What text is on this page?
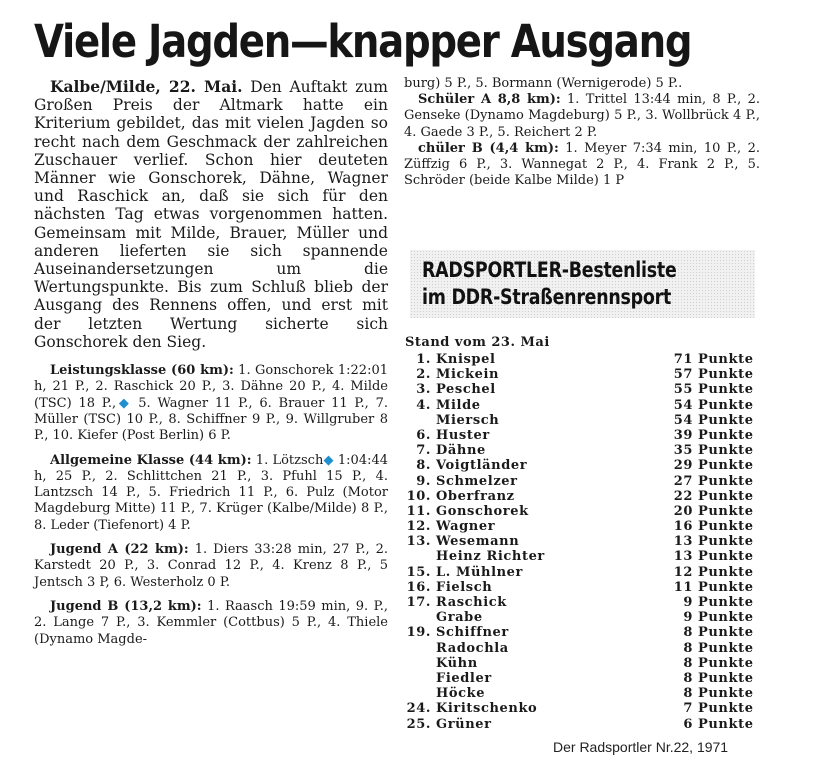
Viele Jagden—knapper Ausgang

Kalbe/Milde, 22. Mai. Den Auftakt zum Großen Preis der Altmark hatte ein Kriterium gebildet, das mit vielen Jagden so recht nach dem Geschmack der zahlreichen Zuschauer verlief. Schon hier deuteten Männer wie Gonschorek, Dähne, Wagner und Raschick an, daß sie sich für den nächsten Tag etwas vorgenommen hatten. Gemeinsam mit Milde, Brauer, Müller und anderen lieferten sie sich spannende Auseinandersetzungen um die Wertungspunkte. Bis zum Schluß blieb der Ausgang des Rennens offen, und erst mit der letzten Wertung sicherte sich Gonschorek den Sieg.

Leistungsklasse (60 km): 1. Gonschorek 1:22:01 h, 21 P., 2. Raschick 20 P., 3. Dähne 20 P., 4. Milde (TSC) 18 P.,◆ 5. Wagner 11 P., 6. Brauer 11 P., 7. Müller (TSC) 10 P., 8. Schiffner 9 P., 9. Willgruber 8 P., 10. Kiefer (Post Berlin) 6 P.

Allgemeine Klasse (44 km): 1. Lötzsch◆ 1:04:44 h, 25 P., 2. Schlittchen 21 P., 3. Pfuhl 15 P., 4. Lantzsch 14 P., 5. Friedrich 11 P., 6. Pulz (Motor Magdeburg Mitte) 11 P., 7. Krüger (Kalbe/Milde) 8 P., 8. Leder (Tiefenort) 4 P.

Jugend A (22 km): 1. Diers 33:28 min, 27 P., 2. Karstedt 20 P., 3. Conrad 12 P., 4. Krenz 8 P., 5 Jentsch 3 P, 6. Westerholz 0 P.

Jugend B (13,2 km): 1. Raasch 19:59 min, 9. P., 2. Lange 7 P., 3. Kemmler (Cottbus) 5 P., 4. Thiele (Dynamo Magde-

burg) 5 P., 5. Bormann (Wernigerode) 5 P..

Schüler A 8,8 km): 1. Trittel 13:44 min, 8 P., 2. Genseke (Dynamo Magdeburg) 5 P., 3. Wollbrück 4 P., 4. Gaede 3 P., 5. Reichert 2 P.

chüler B (4,4 km): 1. Meyer 7:34 min, 10 P., 2. Züffzig 6 P., 3. Wannegat 2 P., 4. Frank 2 P., 5. Schröder (beide Kalbe Milde) 1 P

RADSPORTLER-Bestenliste
im DDR-Straßenrennsport
Stand vom 23. Mai
1. Knispel	71 Punkte
2. Mickein	57 Punkte
3. Peschel	55 Punkte
4. Milde	54 Punkte
Miersch	54 Punkte
6. Huster	39 Punkte
7. Dähne	35 Punkte
8. Voigtländer	29 Punkte
9. Schmelzer	27 Punkte
10. Oberfranz	22 Punkte
11. Gonschorek	20 Punkte
12. Wagner	16 Punkte
13. Wesemann	13 Punkte
Heinz Richter	13 Punkte
15. L. Mühlner	12 Punkte
16. Fielsch	11 Punkte
17. Raschick	9 Punkte
Grabe	9 Punkte
19. Schiffner	8 Punkte
Radochla	8 Punkte
Kühn	8 Punkte
Fiedler	8 Punkte
Höcke	8 Punkte
24. Kiritschenko	7 Punkte
25. Grüner	6 Punkte
Der Radsportler Nr.22, 1971
